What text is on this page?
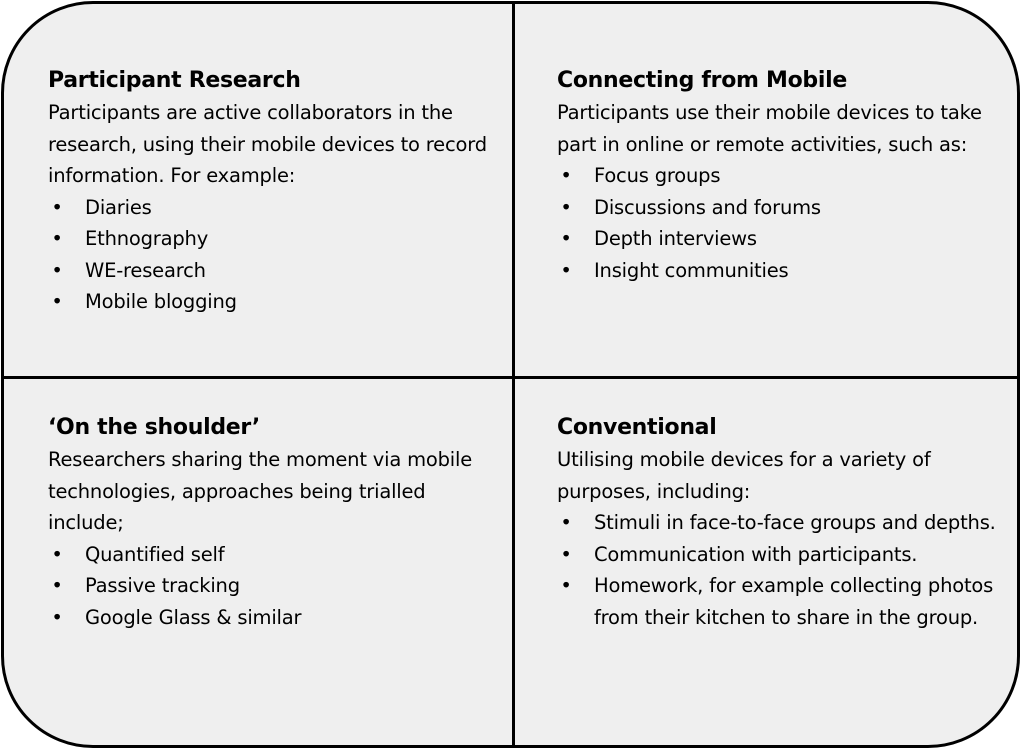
Participant Research

Participants are active collaborators in the research, using their mobile devices to record information. For example:

• Diaries
• Ethnography
• WE-research
• Mobile blogging

Connecting from Mobile

Participants use their mobile devices to take part in online or remote activities, such as:

• Focus groups
• Discussions and forums
• Depth interviews
• Insight communities

‘On the shoulder’

Researchers sharing the moment via mobile technologies, approaches being trialled include;

• Quantified self
• Passive tracking
• Google Glass & similar

Conventional

Utilising mobile devices for a variety of purposes, including:

• Stimuli in face-to-face groups and depths.
• Communication with participants.
• Homework, for example collecting photos from their kitchen to share in the group.
